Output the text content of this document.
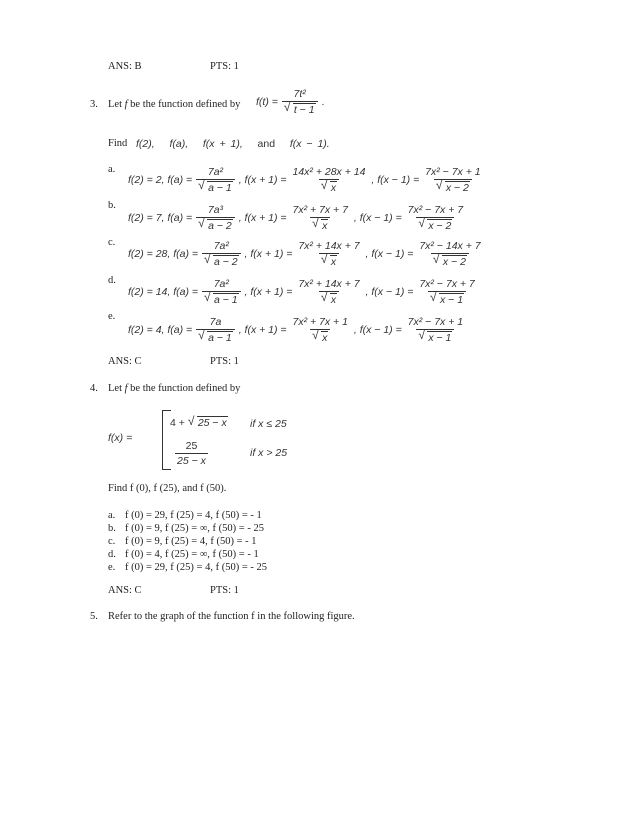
ANS: B	PTS: 1
3. Let f be the function defined by f(t) = 7t²
√ t − 1 .
Find f(2), f(a), f(x + 1), and f(x − 1).
a.
f(2) = 2, f(a) = 7a²
√ a − 1 , f(x + 1) = 14x² + 28x + 14
√ x , f(x − 1) = 7x² − 7x + 1
√ x − 2
b.
f(2) = 7, f(a) = 7a³
√ a − 2 , f(x + 1) = 7x² + 7x + 7
√ x , f(x − 1) = 7x² − 7x + 7
√ x − 2
c.
f(2) = 28, f(a) = 7a²
√ a − 2 , f(x + 1) = 7x² + 14x + 7
√ x , f(x − 1) = 7x² − 14x + 7
√ x − 2
d.
f(2) = 14, f(a) = 7a²
√ a − 1 , f(x + 1) = 7x² + 14x + 7
√ x , f(x − 1) = 7x² − 7x + 7
√ x − 1
e.
f(2) = 4, f(a) = 7a
√ a − 1 , f(x + 1) = 7x² + 7x + 1
√ x , f(x − 1) = 7x² − 7x + 1
√ x − 1
ANS: C	PTS: 1
4. Let f be the function defined by
f(x) =
4 + √ 25 − x if x ≤ 25
$\frac{25}{25 - x}$	if x > 25
Find f (0), f (25), and f (50).
a. f (0) = 29, f (25) = 4, f (50) = - 1
b. f (0) = 9, f (25) = ∞, f (50) = - 25
c. f (0) = 9, f (25) = 4, f (50) = - 1
d. f (0) = 4, f (25) = ∞, f (50) = - 1
e. f (0) = 29, f (25) = 4, f (50) = - 25
ANS: C	PTS: 1
5. Refer to the graph of the function f in the following figure.
